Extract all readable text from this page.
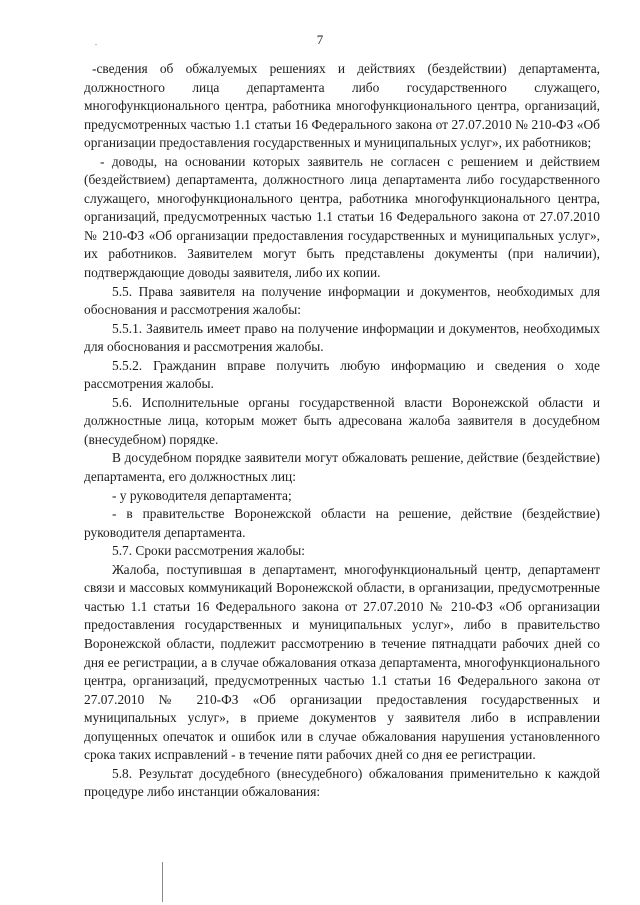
7

-сведения об обжалуемых решениях и действиях (бездействии) департамента, должностного лица департамента либо государственного служащего, многофункционального центра, работника многофункционального центра, организаций, предусмотренных частью 1.1 статьи 16 Федерального закона от 27.07.2010 № 210-ФЗ «Об организации предоставления государственных и муниципальных услуг», их работников;

- доводы, на основании которых заявитель не согласен с решением и действием (бездействием) департамента, должностного лица департамента либо государственного служащего, многофункционального центра, работника многофункционального центра, организаций, предусмотренных частью 1.1 статьи 16 Федерального закона от 27.07.2010 № 210-ФЗ «Об организации предоставления государственных и муниципальных услуг», их работников. Заявителем могут быть представлены документы (при наличии), подтверждающие доводы заявителя, либо их копии.

5.5. Права заявителя на получение информации и документов, необходимых для обоснования и рассмотрения жалобы:

5.5.1. Заявитель имеет право на получение информации и документов, необходимых для обоснования и рассмотрения жалобы.

5.5.2. Гражданин вправе получить любую информацию и сведения о ходе рассмотрения жалобы.

5.6. Исполнительные органы государственной власти Воронежской области и должностные лица, которым может быть адресована жалоба заявителя в досудебном (внесудебном) порядке.

В досудебном порядке заявители могут обжаловать решение, действие (бездействие) департамента, его должностных лиц:

- у руководителя департамента;

- в правительстве Воронежской области на решение, действие (бездействие) руководителя департамента.

5.7. Сроки рассмотрения жалобы:

Жалоба, поступившая в департамент, многофункциональный центр, департамент связи и массовых коммуникаций Воронежской области, в организации, предусмотренные частью 1.1 статьи 16 Федерального закона от 27.07.2010 № 210-ФЗ «Об организации предоставления государственных и муниципальных услуг», либо в правительство Воронежской области, подлежит рассмотрению в течение пятнадцати рабочих дней со дня ее регистрации, а в случае обжалования отказа департамента, многофункционального центра, организаций, предусмотренных частью 1.1 статьи 16 Федерального закона от 27.07.2010 № 210-ФЗ «Об организации предоставления государственных и муниципальных услуг», в приеме документов у заявителя либо в исправлении допущенных опечаток и ошибок или в случае обжалования нарушения установленного срока таких исправлений - в течение пяти рабочих дней со дня ее регистрации.

5.8. Результат досудебного (внесудебного) обжалования применительно к каждой процедуре либо инстанции обжалования:
